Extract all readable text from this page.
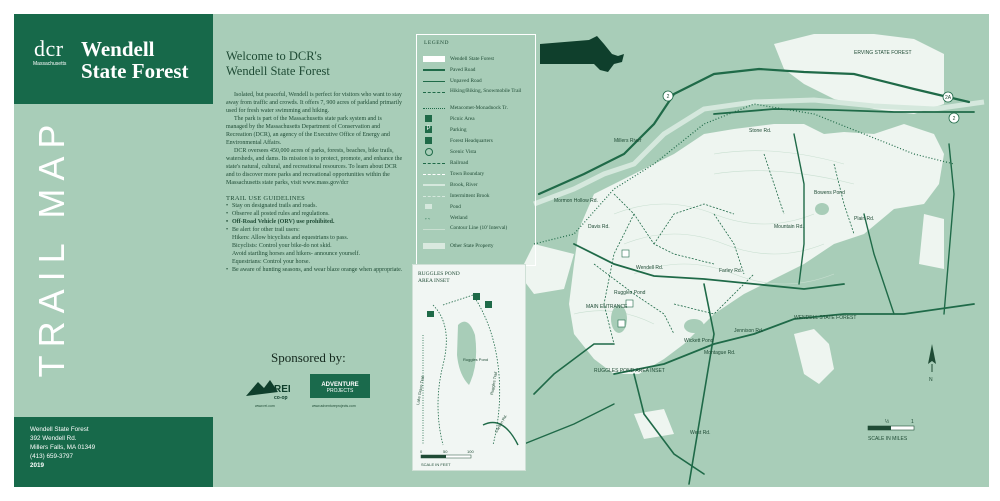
2	2A
2
MAIN ENTRANCE
RUGGLES POND AREA INSET
Farley Rd.
Montague Rd.
Wendell Rd.
Jennison Rd.
West Rd.
Mormon Hollow Rd.
Davis Rd.
Plain Rd.
Bowens Pond
Wickett Pond
Ruggles Pond
Millers River
ERVING STATE FOREST
WENDELL STATE FOREST
Mountain Rd.
Stone Rd.
N
½	1
SCALE IN MILES
dcr
Massachusetts
Wendell
State Forest
TRAIL MAP
Wendell State Forest
392 Wendell Rd.
Millers Falls, MA 01349
(413) 659-3797
2019
Welcome to DCR's
Wendell State Forest

Isolated, but peaceful, Wendell is perfect for visitors who want to stay away from traffic and crowds. It offers 7, 900 acres of parkland primarily used for fresh water swimming and hiking.

The park is part of the Massachusetts state park system and is managed by the Massachusetts Department of Conservation and Recreation (DCR), an agency of the Executive Office of Energy and Environmental Affairs.

DCR oversees 450,000 acres of parks, forests, beaches, bike trails, watersheds, and dams. Its mission is to protect, promote, and enhance the state's natural, cultural, and recreational resources. To learn about DCR and to discover more parks and recreational opportunities within the Massachusetts state parks, visit www.mass.gov/dcr

TRAIL USE GUIDELINES
• Stay on designated trails and roads.
• Observe all posted rules and regulations.
• Off-Road Vehicle (ORV) use prohibited.
• Be alert for other trail users:
Hikers: Allow bicyclists and equestrians to pass.
Bicyclists: Control your bike-do not skid.
Avoid startling horses and hikers- announce yourself.
Equestrians: Control your horse.
• Be aware of hunting seasons, and wear blaze orange when appropriate.
Sponsored by:
REI
co-op
www.rei.com
ADVENTURE
PROJECTS
www.adventureprojects.com
LEGEND
Wendell State Forest
Paved Road
Unpaved Road
Hiking/Biking, Snowmobile Trail
Metacomet-Monadnock Tr.
Picnic Area
P	Parking
Forest Headquarters
Scenic Vista
Railroad
Town Boundary
Brook, River
Intermittent Brook
Pond
ᵥ ᵥ	Wetland
Contour Line (10' Interval)
Other State Property
RUGGLES POND
AREA INSET
Ruggles Pond
Lake Grace Trail	Ruggles Trail
Carlton Rd.
0	50	100
SCALE IN FEET
